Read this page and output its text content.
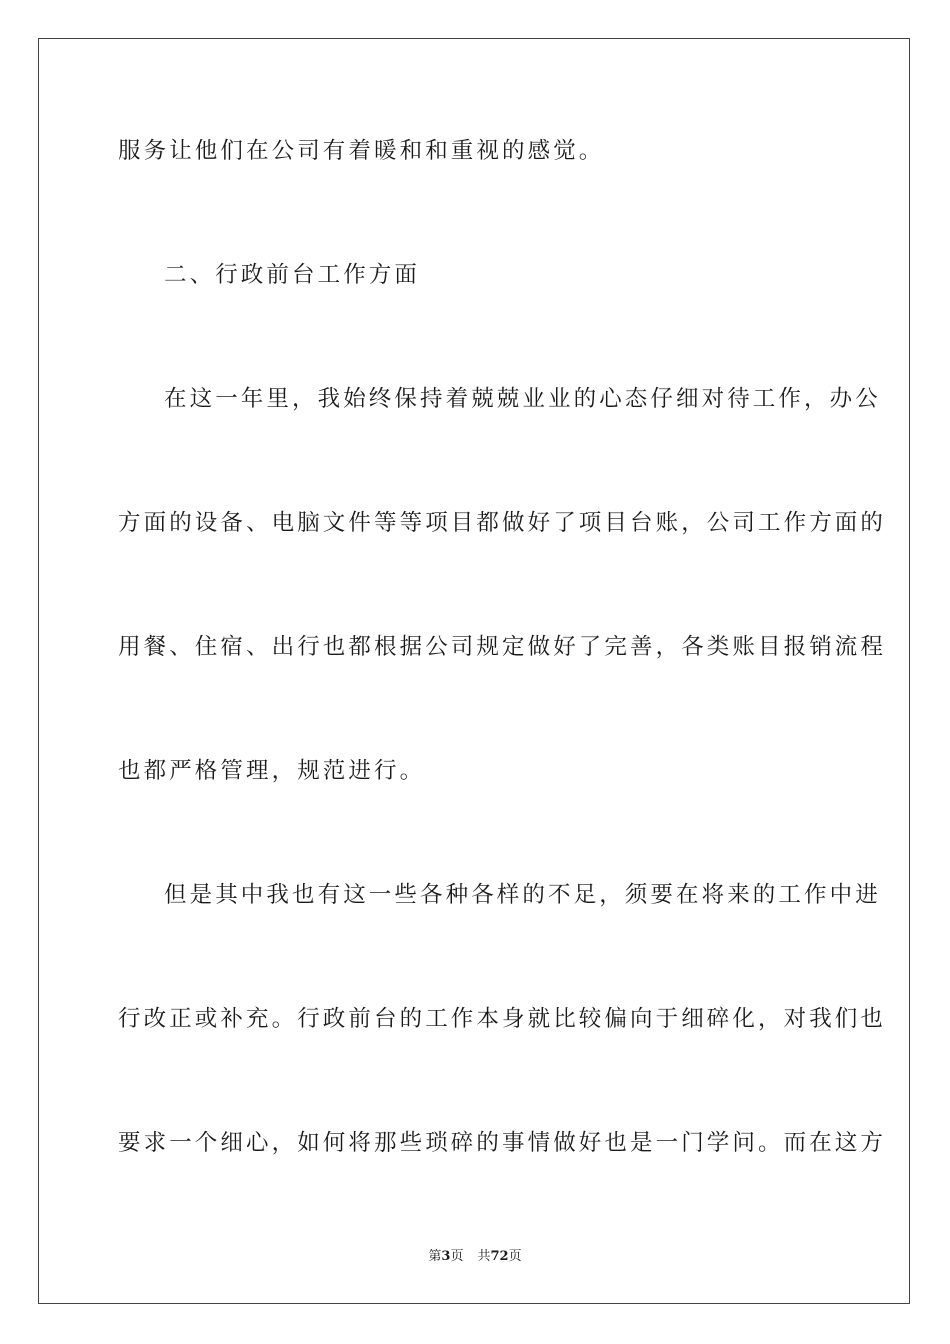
服务让他们在公司有着暖和和重视的感觉。
二、行政前台工作方面
在这一年里，我始终保持着兢兢业业的心态仔细对待工作，办公
方面的设备、电脑文件等等项目都做好了项目台账，公司工作方面的
用餐、住宿、出行也都根据公司规定做好了完善，各类账目报销流程
也都严格管理，规范进行。
但是其中我也有这一些各种各样的不足，须要在将来的工作中进
行改正或补充。行政前台的工作本身就比较偏向于细碎化，对我们也
要求一个细心，如何将那些琐碎的事情做好也是一门学问。而在这方
第3页 共72页
